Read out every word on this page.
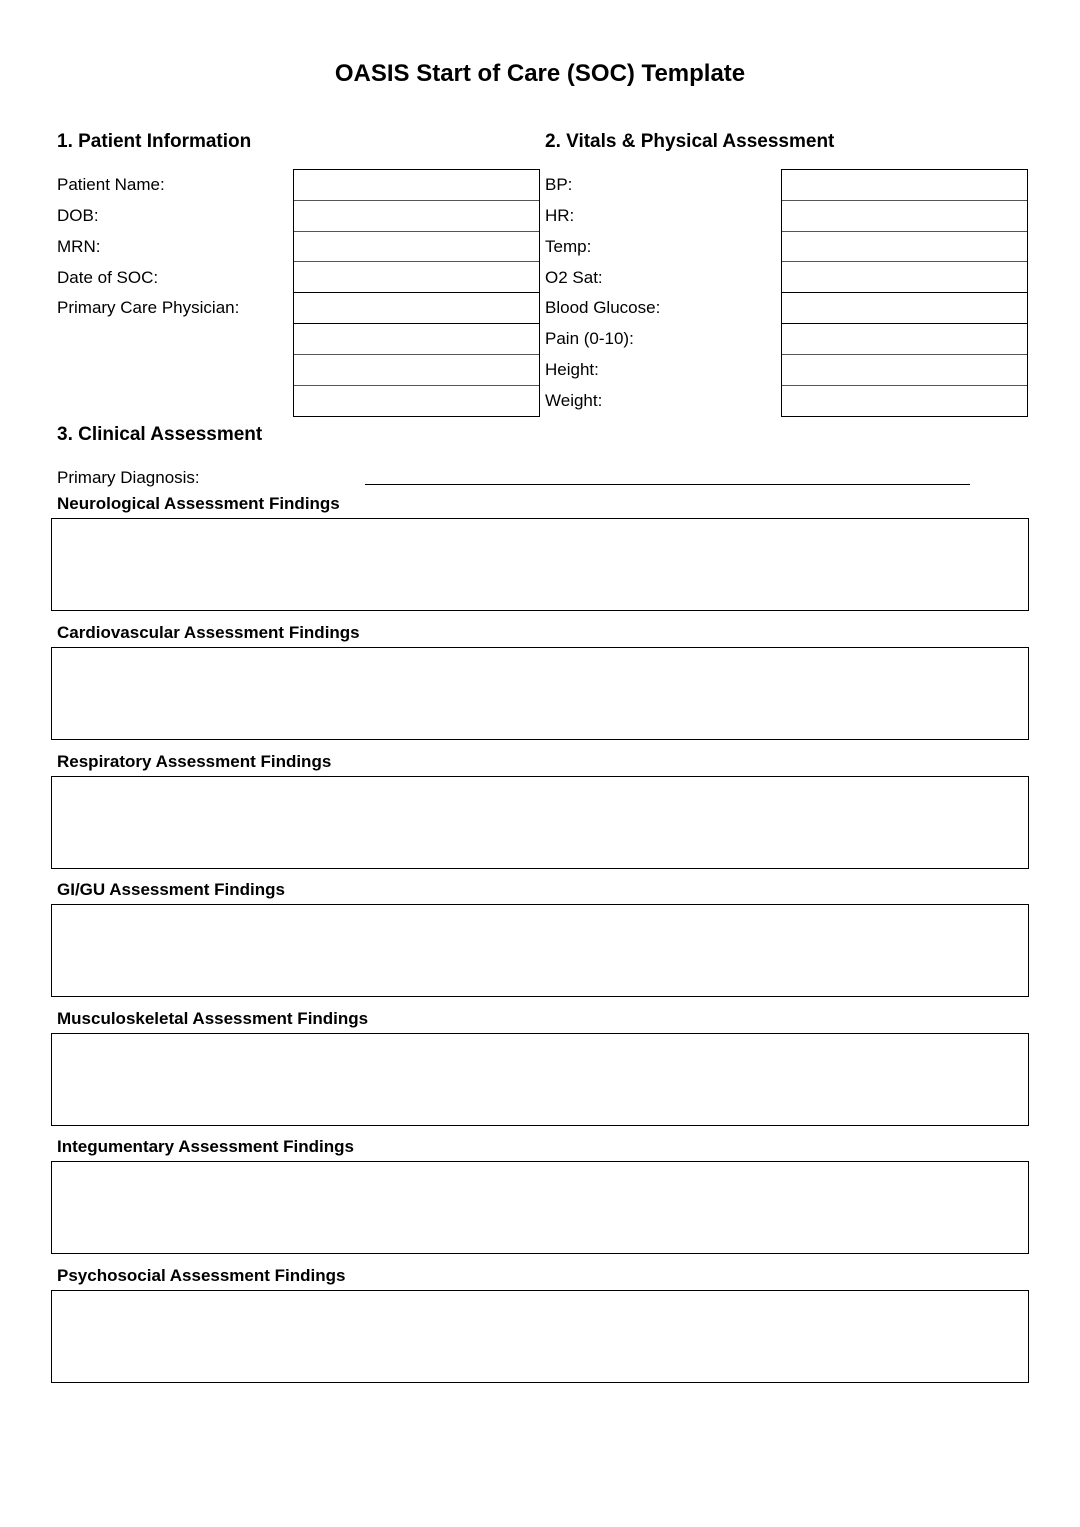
OASIS Start of Care (SOC) Template
1. Patient Information
Patient Name:
DOB:
MRN:
Date of SOC:
Primary Care Physician:
2. Vitals & Physical Assessment
BP:
HR:
Temp:
O2 Sat:
Blood Glucose:
Pain (0-10):
Height:
Weight:
3. Clinical Assessment
Primary Diagnosis:
Neurological Assessment Findings
Cardiovascular Assessment Findings
Respiratory Assessment Findings
GI/GU Assessment Findings
Musculoskeletal Assessment Findings
Integumentary Assessment Findings
Psychosocial Assessment Findings
